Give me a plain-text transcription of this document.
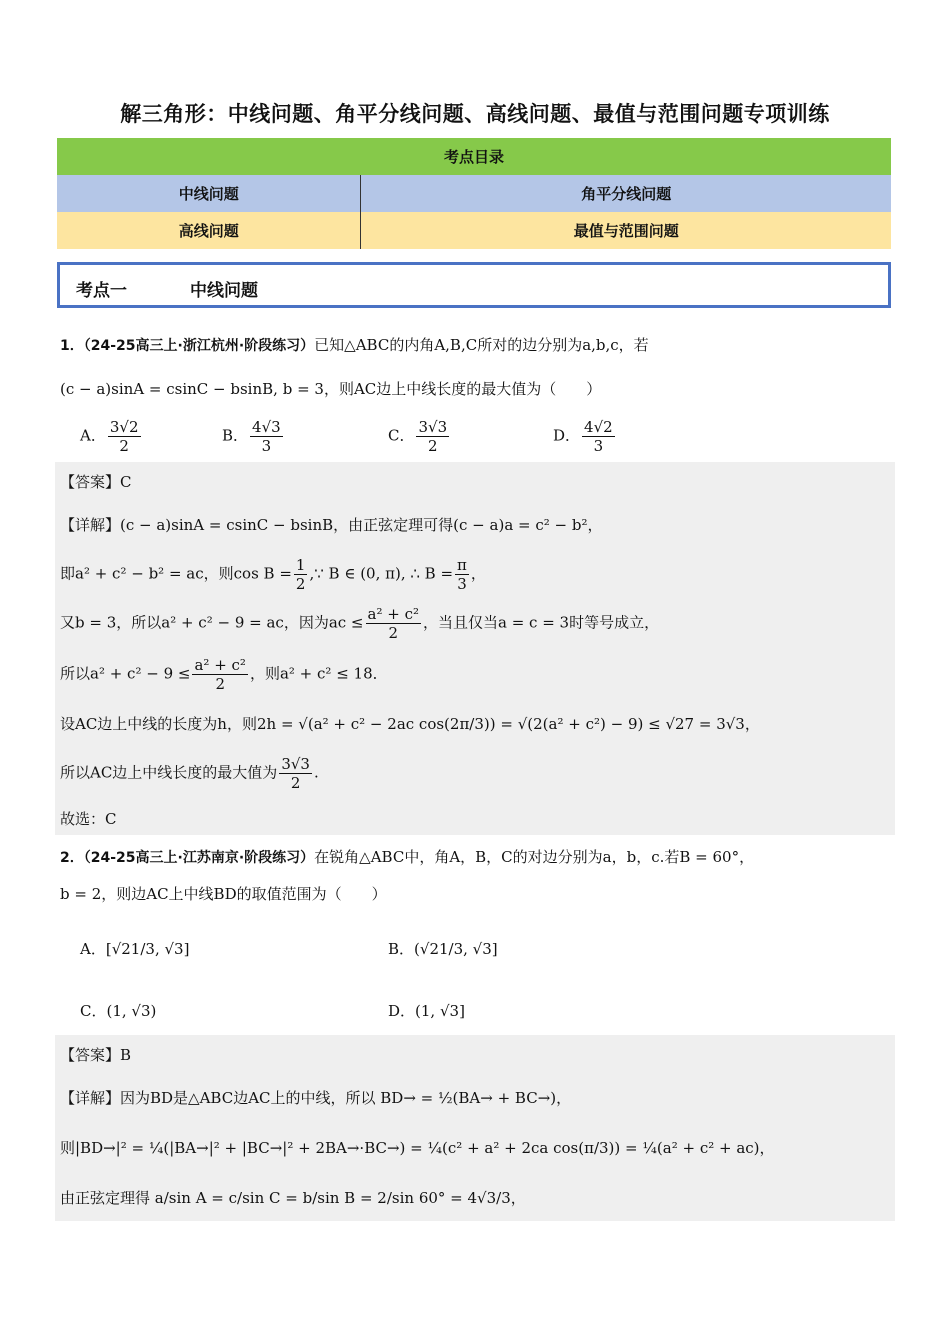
解三角形：中线问题、角平分线问题、高线问题、最值与范围问题专项训练
考点目录	
中线问题	角平分线问题
高线问题	最值与范围问题
考点一	中线问题
1．（24-25高三上·浙江杭州·阶段练习）已知△ABC的内角A,B,C所对的边分别为a,b,c，若
(c − a)sinA = csinC − bsinB, b = 3，则AC边上中线长度的最大值为（　　）
A． $\frac{3√2}{2}$	B． $\frac{4√3}{3}$	C． $\frac{3√3}{2}$	D． $\frac{4√2}{3}$
【答案】C
【详解】(c − a)sinA = csinC − bsinB，由正弦定理可得(c − a)a = c² − b²，
即a² + c² − b² = ac，则$\cos B = \frac{1}{2}$ ,∵ B ∈ (0, π), ∴ $B = \frac{\pi}{3}$ ，
又b = 3，所以a² + c² − 9 = ac，因为ac ≤ $\frac{\text{a² + c²}}{2}$ ，当且仅当a = c = 3时等号成立，
所以$a^2 + c^2 - 9 \le \frac{\text{a² + c²}}{2}$ ，则a² + c² ≤ 18．
设AC边上中线的长度为h，则2h = √(a² + c² − 2ac cos(2π/3)) = √(2(a² + c²) − 9) ≤ √27 = 3√3，
所以AC边上中线长度的最大值为 $\frac{3√3}{2}$ .
故选：C
2．（24-25高三上·江苏南京·阶段练习）在锐角△ABC中，角A，B，C的对边分别为a，b，c.若B = 60°，
b = 2，则边AC上中线BD的取值范围为（　　）
A．[√21/3, √3]	B．(√21/3, √3]
C．(1, √3)	D．(1, √3]
【答案】B
【详解】因为BD是△ABC边AC上的中线，所以 BD→ = ½(BA→ + BC→)，
则|BD→|² = ¼(|BA→|² + |BC→|² + 2BA→·BC→) = ¼(c² + a² + 2ca cos(π/3)) = ¼(a² + c² + ac)，
由正弦定理得 a/sin A = c/sin C = b/sin B = 2/sin 60° = 4√3/3，
